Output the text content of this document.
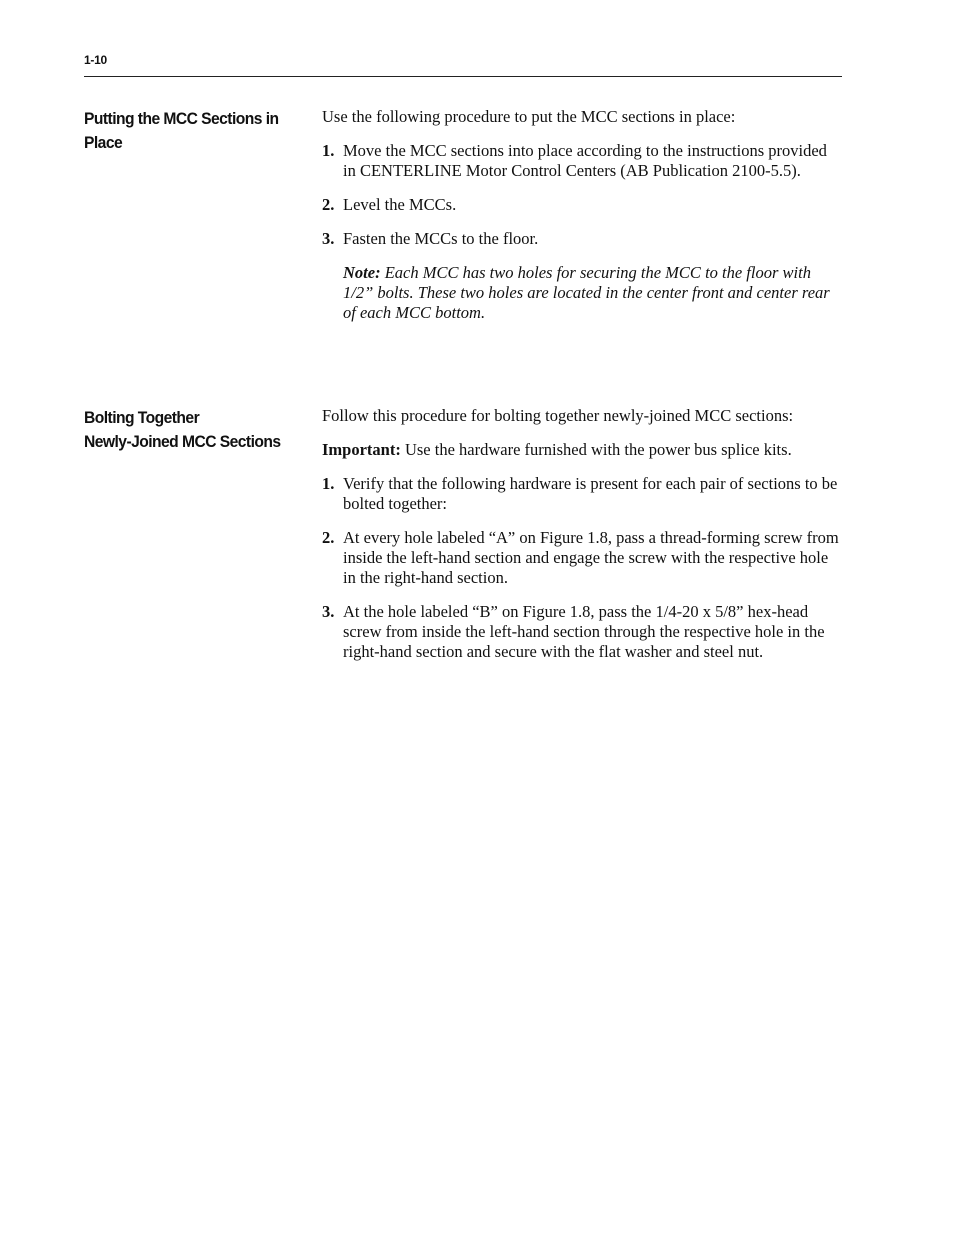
1-10
Putting the MCC Sections in
Place

Use the following procedure to put the MCC sections in place:

1. Move the MCC sections into place according to the instructions provided in CENTERLINE Motor Control Centers (AB Publication 2100-5.5).
2. Level the MCCs.
3. Fasten the MCCs to the floor.

Note: Each MCC has two holes for securing the MCC to the floor with 1/2” bolts. These two holes are located in the center front and center rear of each MCC bottom.

Bolting Together
Newly-Joined MCC Sections

Follow this procedure for bolting together newly-joined MCC sections:

Important: Use the hardware furnished with the power bus splice kits.

1. Verify that the following hardware is present for each pair of sections to be bolted together:
2. At every hole labeled “A” on Figure 1.8, pass a thread-forming screw from inside the left-hand section and engage the screw with the respective hole in the right-hand section.
3. At the hole labeled “B” on Figure 1.8, pass the 1/4-20 x 5/8” hex-head screw from inside the left-hand section through the respective hole in the right-hand section and secure with the flat washer and steel nut.
